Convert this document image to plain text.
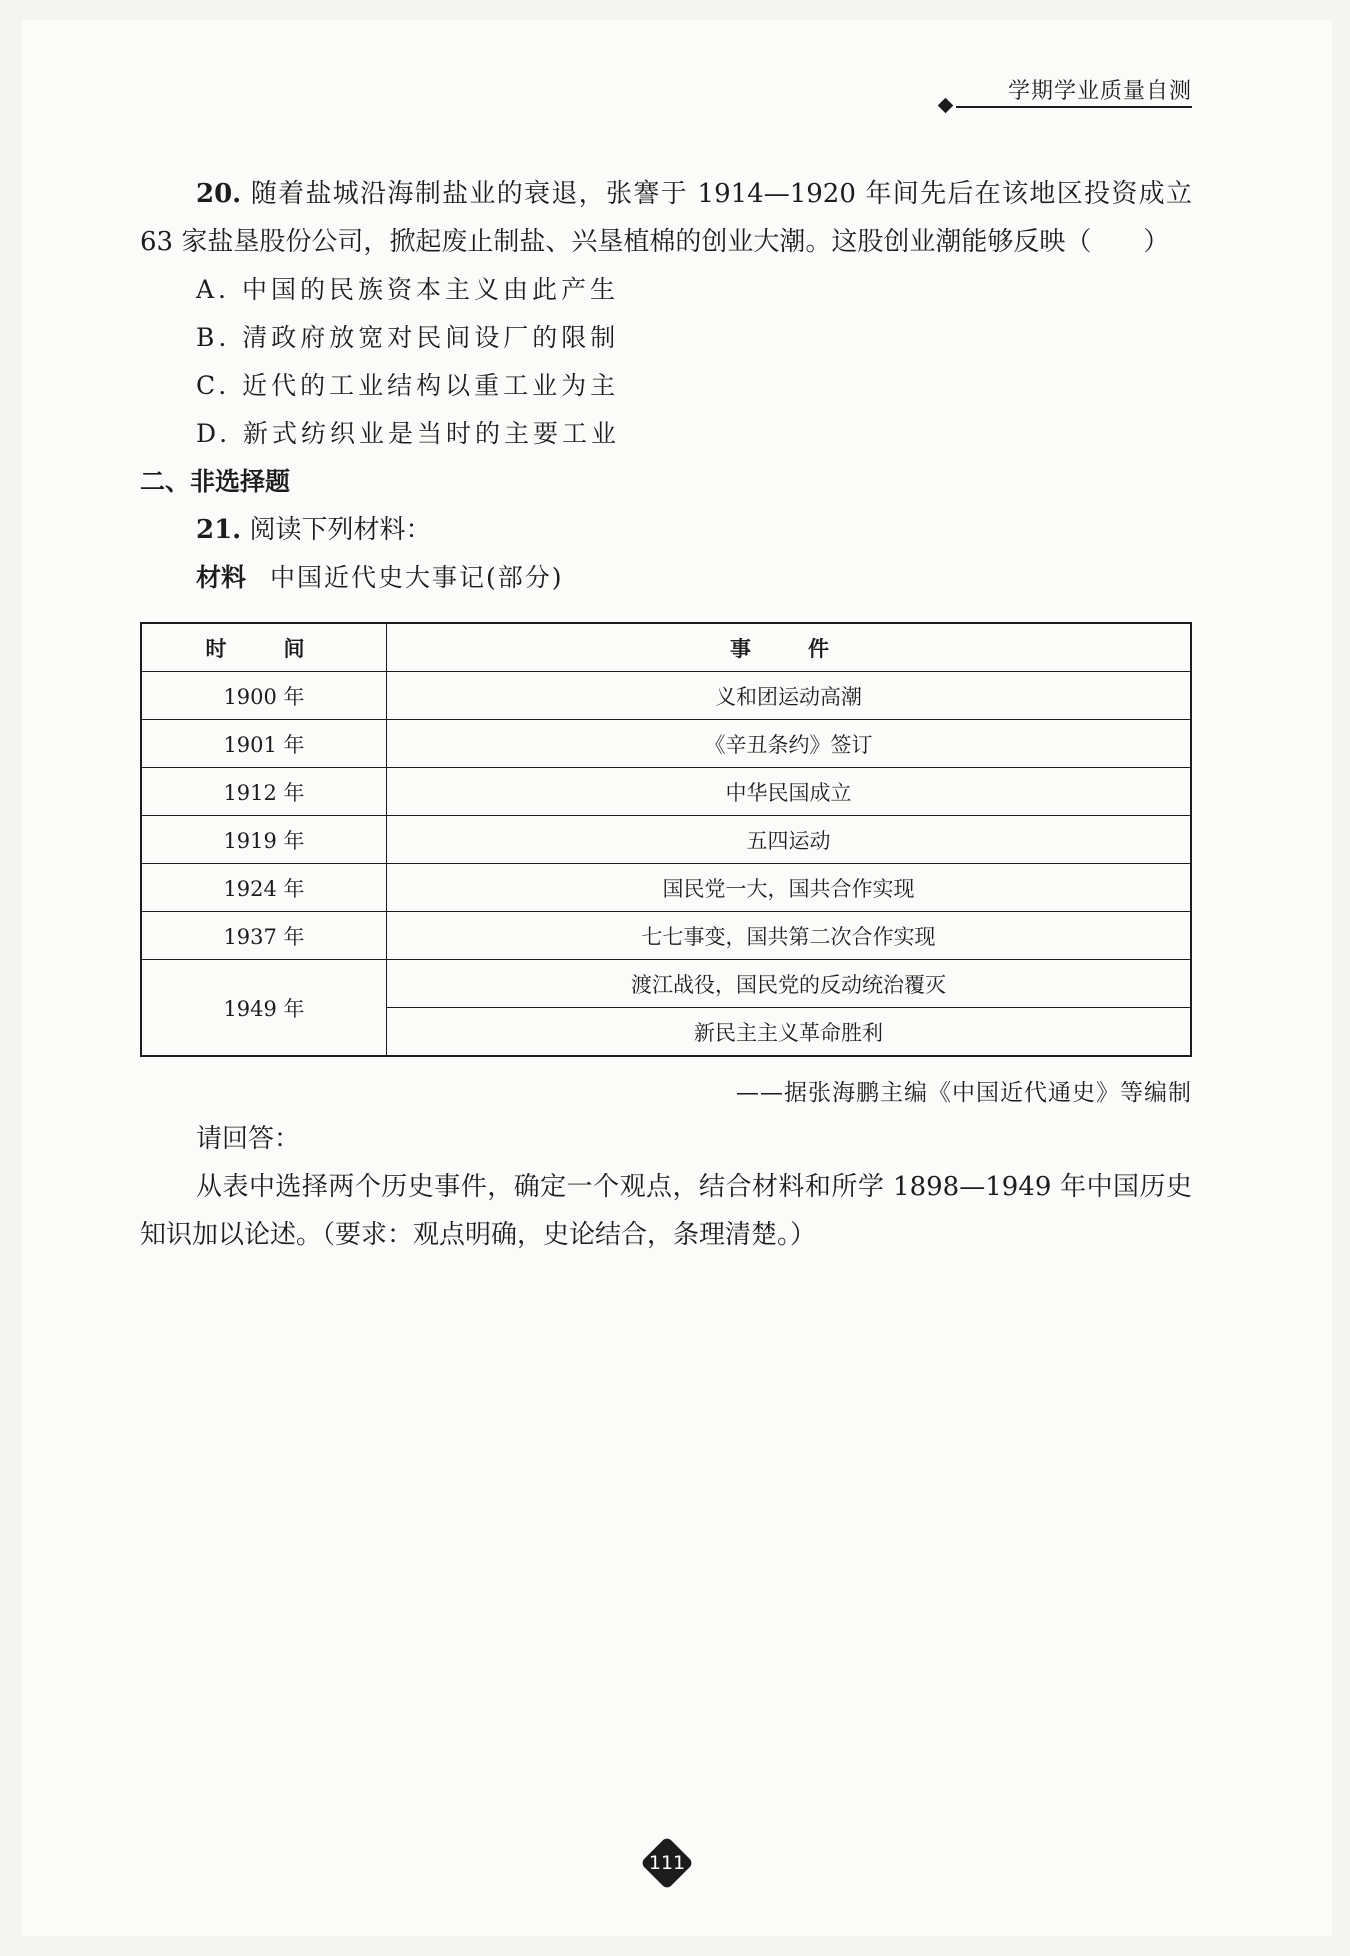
学期学业质量自测

20. 随着盐城沿海制盐业的衰退，张謇于 1914—1920 年间先后在该地区投资成立 63 家盐垦股份公司，掀起废止制盐、兴垦植棉的创业大潮。这股创业潮能够反映（　　）

A. 中国的民族资本主义由此产生
B. 清政府放宽对民间设厂的限制
C. 近代的工业结构以重工业为主
D. 新式纺织业是当时的主要工业
二、非选择题

21. 阅读下列材料：

材料 中国近代史大事记(部分)
时　间	事　件
1900 年	义和团运动高潮
1901 年	《辛丑条约》签订
1912 年	中华民国成立
1919 年	五四运动
1924 年	国民党一大，国共合作实现
1937 年	七七事变，国共第二次合作实现
1949 年	渡江战役，国民党的反动统治覆灭
	新民主主义革命胜利
——据张海鹏主编《中国近代通史》等编制

请回答：

从表中选择两个历史事件，确定一个观点，结合材料和所学 1898—1949 年中国历史知识加以论述。（要求：观点明确，史论结合，条理清楚。）

111
